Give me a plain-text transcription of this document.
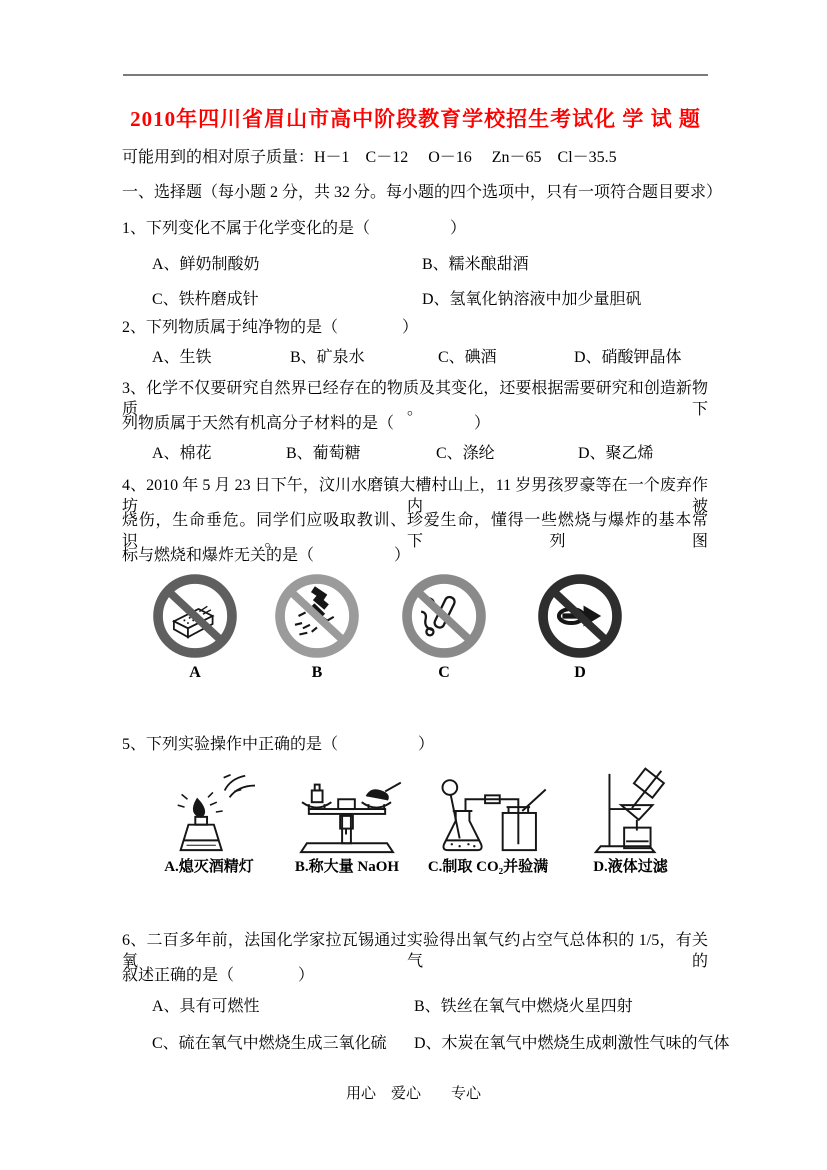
2010年四川省眉山市高中阶段教育学校招生考试化 学 试 题
可能用到的相对原子质量：H－1　C－12　 O－16 　Zn－65　Cl－35.5
一、选择题（每小题 2 分，共 32 分。每小题的四个选项中，只有一项符合题目要求）
1、下列变化不属于化学变化的是（　　　　　）
A、鲜奶制酸奶	B、糯米酿甜酒
C、铁杵磨成针	D、氢氧化钠溶液中加少量胆矾
2、下列物质属于纯净物的是（　　　　）
A、生铁	B、矿泉水	C、碘酒	D、硝酸钾晶体
3、化学不仅要研究自然界已经存在的物质及其变化，还要根据需要研究和创造新物质。下
列物质属于天然有机高分子材料的是（　　　　　）
A、棉花	B、葡萄糖	C、涤纶	D、聚乙烯
4、2010 年 5 月 23 日下午，汶川水磨镇大槽村山上，11 岁男孩罗豪等在一个废弃作坊内被
烧伤，生命垂危。同学们应吸取教训、珍爱生命，懂得一些燃烧与爆炸的基本常识。下列图
标与燃烧和爆炸无关的是（　　　　　）
A	B	C	D
5、下列实验操作中正确的是（　　　　　）
A.熄灭酒精灯	B.称大量 NaOH	C.制取 CO₂并验满	D.液体过滤
6、二百多年前，法国化学家拉瓦锡通过实验得出氧气约占空气总体积的 1/5，有关氧气的
叙述正确的是（　　　　）
A、具有可燃性	B、铁丝在氧气中燃烧火星四射
C、硫在氧气中燃烧生成三氧化硫 D、木炭在氧气中燃烧生成刺激性气味的气体
用心　爱心　　专心
